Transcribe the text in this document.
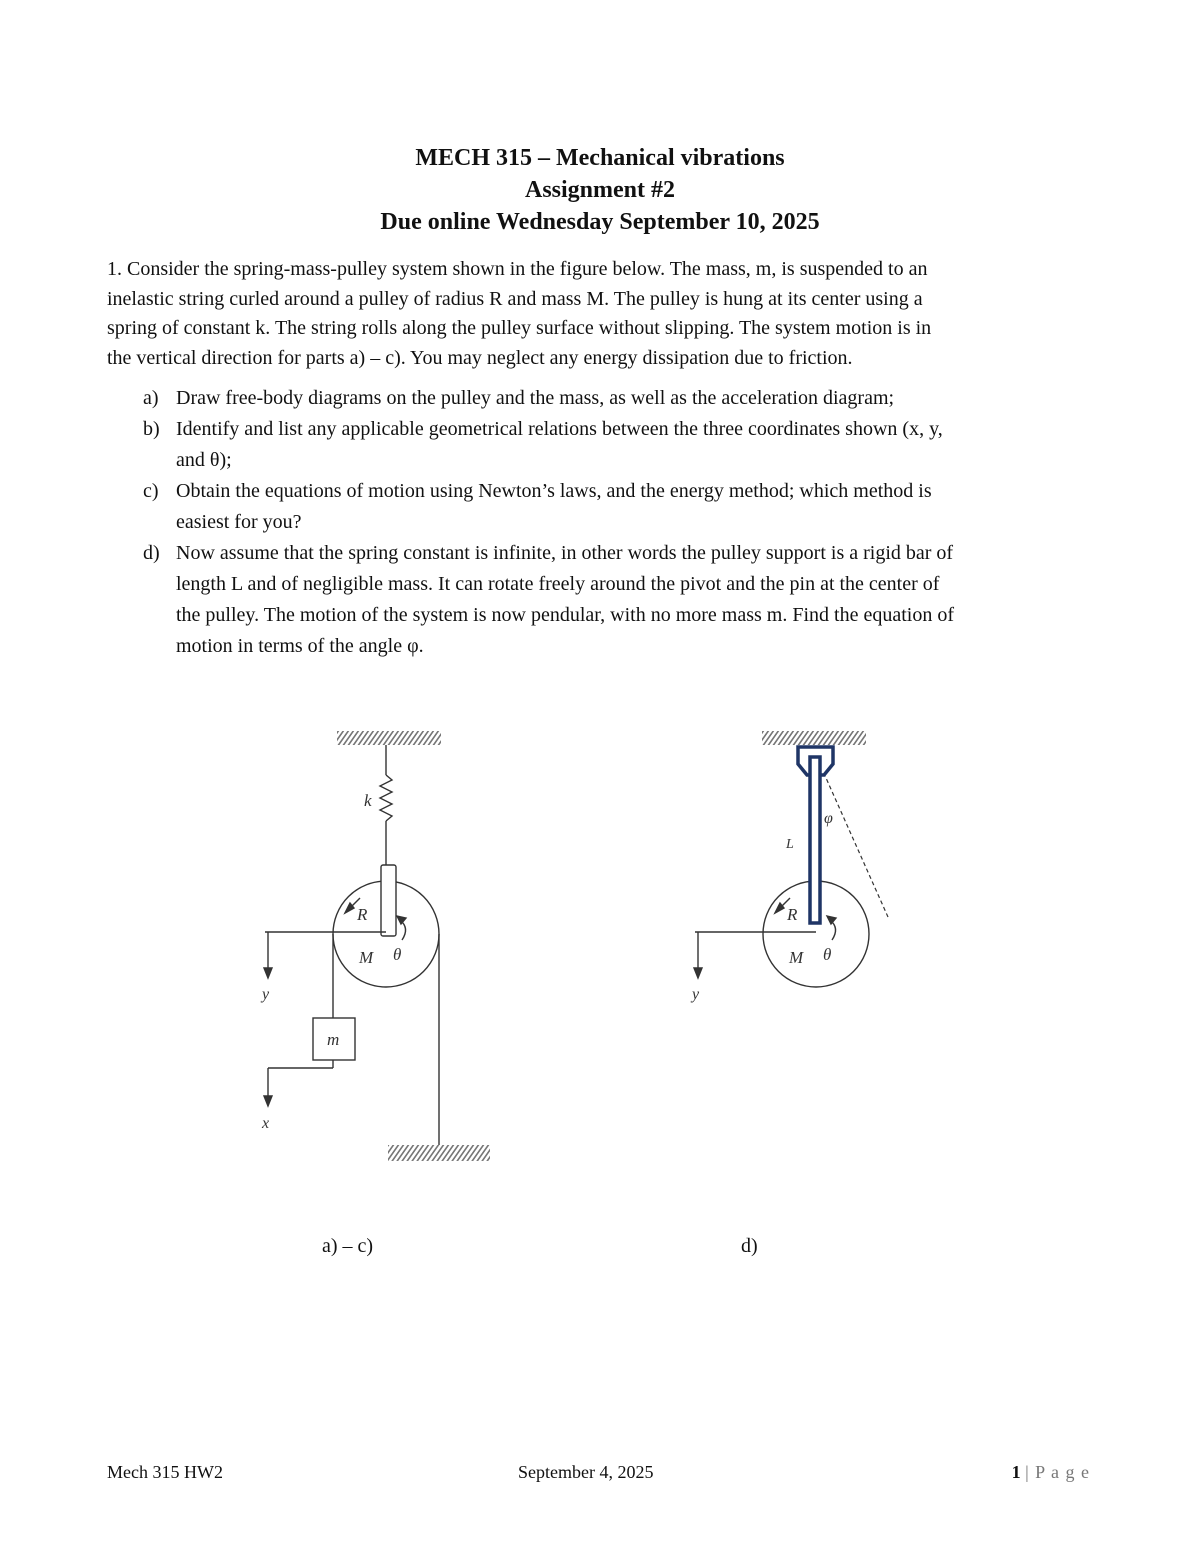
MECH 315 – Mechanical vibrations
Assignment #2
Due online Wednesday September 10, 2025
1. Consider the spring-mass-pulley system shown in the figure below. The mass, m, is suspended to an
inelastic string curled around a pulley of radius R and mass M. The pulley is hung at its center using a
spring of constant k. The string rolls along the pulley surface without slipping. The system motion is in
the vertical direction for parts a) – c). You may neglect any energy dissipation due to friction.
a) Draw free-body diagrams on the pulley and the mass, as well as the acceleration diagram;
b) Identify and list any applicable geometrical relations between the three coordinates shown (x, y,
and θ);
c) Obtain the equations of motion using Newton’s laws, and the energy method; which method is
easiest for you?
d) Now assume that the spring constant is infinite, in other words the pulley support is a rigid bar of
length L and of negligible mass. It can rotate freely around the pivot and the pin at the center of
the pulley. The motion of the system is now pendular, with no more mass m. Find the equation of
motion in terms of the angle φ.
k
R
M θ
y
m
x
φ
L
R
M θ
y
a) – c)	d)
Mech 315 HW2	September 4, 2025	1 | P a g e
